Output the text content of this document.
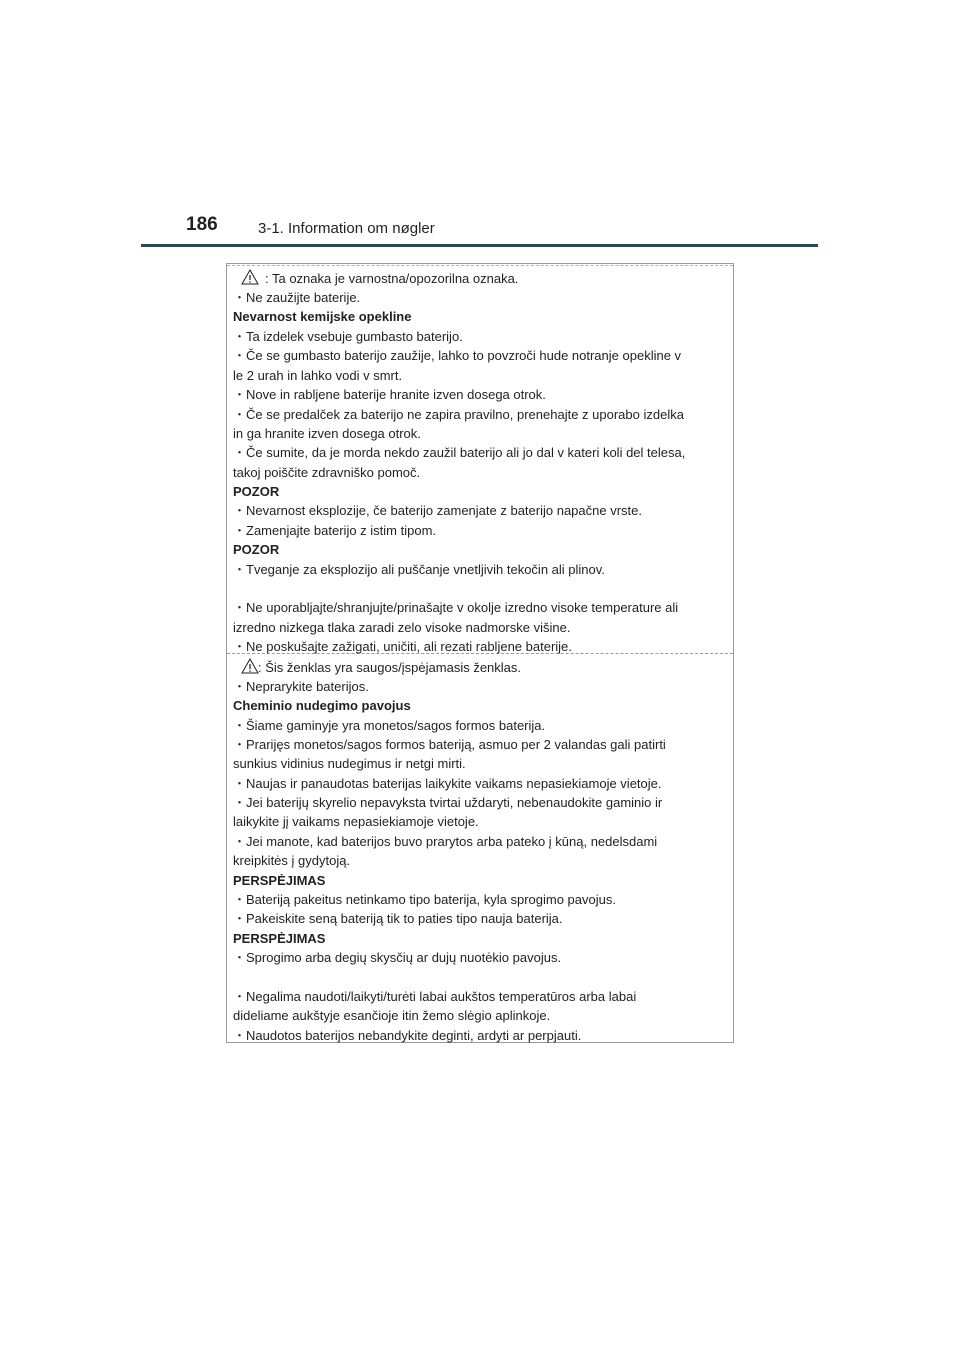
186	3-1. Information om nøgler
: Ta oznaka je varnostna/opozorilna oznaka.
・Ne zaužijte baterije.
Nevarnost kemijske opekline
・Ta izdelek vsebuje gumbasto baterijo.
・Če se gumbasto baterijo zaužije, lahko to povzroči hude notranje opekline v
le 2 urah in lahko vodi v smrt.
・Nove in rabljene baterije hranite izven dosega otrok.
・Če se predalček za baterijo ne zapira pravilno, prenehajte z uporabo izdelka
in ga hranite izven dosega otrok.
・Če sumite, da je morda nekdo zaužil baterijo ali jo dal v kateri koli del telesa,
takoj poiščite zdravniško pomoč.
POZOR
・Nevarnost eksplozije, če baterijo zamenjate z baterijo napačne vrste.
・Zamenjajte baterijo z istim tipom.
POZOR
・Tveganje za eksplozijo ali puščanje vnetljivih tekočin ali plinov.
・Ne uporabljajte/shranjujte/prinašajte v okolje izredno visoke temperature ali
izredno nizkega tlaka zaradi zelo visoke nadmorske višine.
・Ne poskušajte zažigati, uničiti, ali rezati rabljene baterije.
: Šis ženklas yra saugos/įspėjamasis ženklas.
・Neprarykite baterijos.
Cheminio nudegimo pavojus
・Šiame gaminyje yra monetos/sagos formos baterija.
・Prarijęs monetos/sagos formos bateriją, asmuo per 2 valandas gali patirti
sunkius vidinius nudegimus ir netgi mirti.
・Naujas ir panaudotas baterijas laikykite vaikams nepasiekiamoje vietoje.
・Jei baterijų skyrelio nepavyksta tvirtai uždaryti, nebenaudokite gaminio ir
laikykite jį vaikams nepasiekiamoje vietoje.
・Jei manote, kad baterijos buvo prarytos arba pateko į kūną, nedelsdami
kreipkitės į gydytoją.
PERSPĖJIMAS
・Bateriją pakeitus netinkamo tipo baterija, kyla sprogimo pavojus.
・Pakeiskite seną bateriją tik to paties tipo nauja baterija.
PERSPĖJIMAS
・Sprogimo arba degių skysčių ar dujų nuotėkio pavojus.
・Negalima naudoti/laikyti/turėti labai aukštos temperatūros arba labai
dideliame aukštyje esančioje itin žemo slėgio aplinkoje.
・Naudotos baterijos nebandykite deginti, ardyti ar perpjauti.
